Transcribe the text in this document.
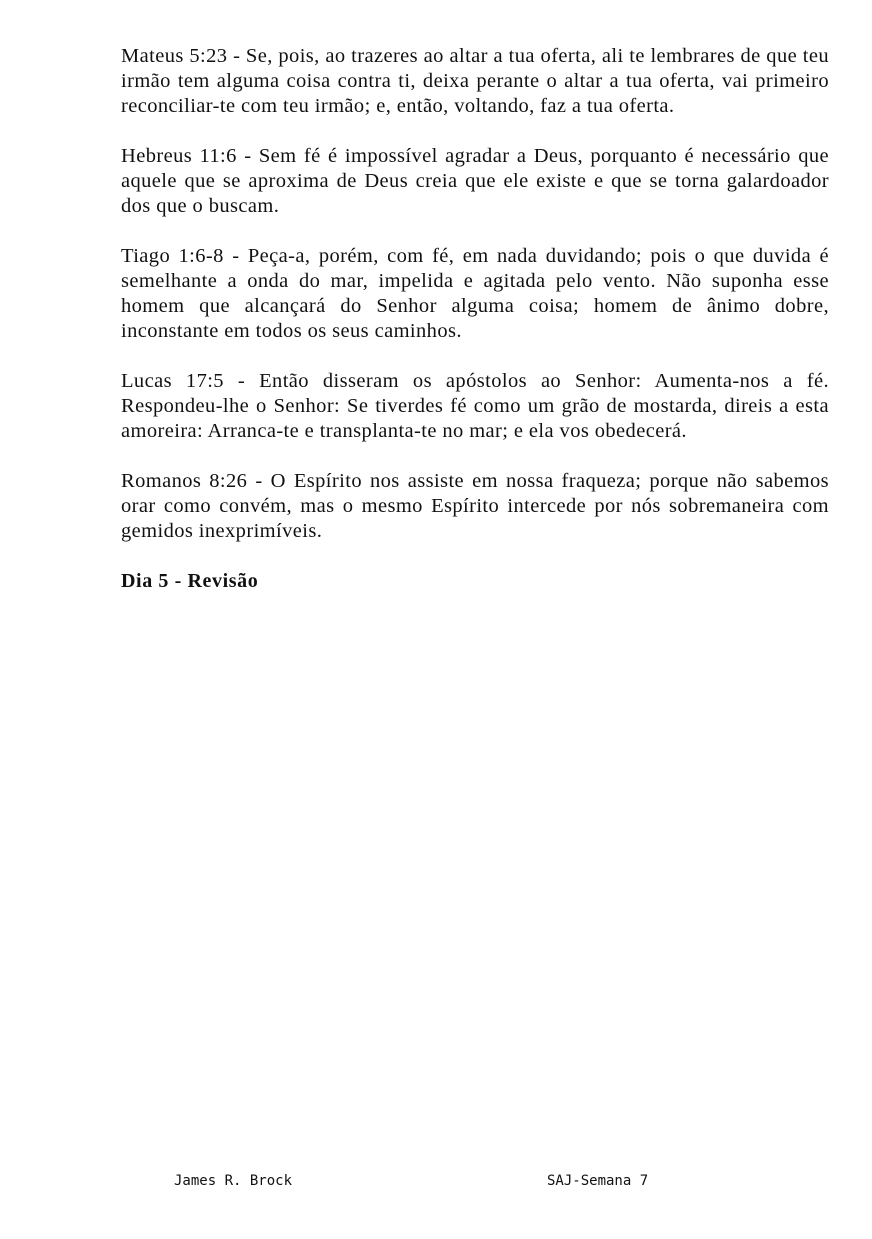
Mateus 5:23 - Se, pois, ao trazeres ao altar a tua oferta, ali te lembrares de que teu irmão tem alguma coisa contra ti, deixa perante o altar a tua oferta, vai primeiro reconciliar-te com teu irmão; e, então, voltando, faz a tua oferta.

Hebreus 11:6 - Sem fé é impossível agradar a Deus, porquanto é necessário que aquele que se aproxima de Deus creia que ele existe e que se torna galardoador dos que o buscam.

Tiago 1:6-8 - Peça-a, porém, com fé, em nada duvidando; pois o que duvida é semelhante a onda do mar, impelida e agitada pelo vento. Não suponha esse homem que alcançará do Senhor alguma coisa; homem de ânimo dobre, inconstante em todos os seus caminhos.

Lucas 17:5 - Então disseram os apóstolos ao Senhor: Aumenta-nos a fé. Respondeu-lhe o Senhor: Se tiverdes fé como um grão de mostarda, direis a esta amoreira: Arranca-te e transplanta-te no mar; e ela vos obedecerá.

Romanos 8:26 - O Espírito nos assiste em nossa fraqueza; porque não sabemos orar como convém, mas o mesmo Espírito intercede por nós sobremaneira com gemidos inexprimíveis.

Dia 5 - Revisão

James R. Brock	SAJ-Semana 7
